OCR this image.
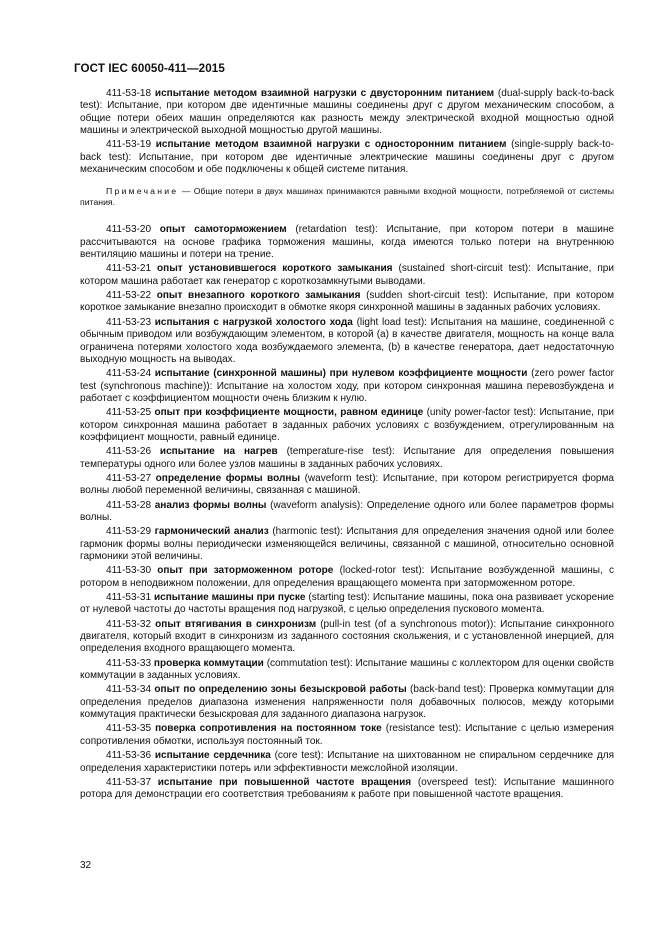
ГОСТ IEC 60050-411—2015

411-53-18 испытание методом взаимной нагрузки с двусторонним питанием (dual-supply back-to-back test): Испытание, при котором две идентичные машины соединены друг с другом механическим способом, а общие потери обеих машин определяются как разность между электрической входной мощностью одной машины и электрической выходной мощностью другой машины.

411-53-19 испытание методом взаимной нагрузки с односторонним питанием (single-supply back-to-back test): Испытание, при котором две идентичные электрические машины соединены друг с другом механическим способом и обе подключены к общей системе питания.

Примечание — Общие потери в двух машинах принимаются равными входной мощности, потребляемой от системы питания.

411-53-20 опыт самоторможением (retardation test): Испытание, при котором потери в машине рассчитываются на основе графика торможения машины, когда имеются только потери на внутреннюю вентиляцию машины и потери на трение.

411-53-21 опыт установившегося короткого замыкания (sustained short-circuit test): Испытание, при котором машина работает как генератор с короткозамкнутыми выводами.

411-53-22 опыт внезапного короткого замыкания (sudden short-circuit test): Испытание, при котором короткое замыкание внезапно происходит в обмотке якоря синхронной машины в заданных рабочих условиях.

411-53-23 испытания с нагрузкой холостого хода (light load test): Испытания на машине, соединенной с обычным приводом или возбуждающим элементом, в которой (а) в качестве двигателя, мощность на конце вала ограничена потерями холостого хода возбуждаемого элемента, (b) в качестве генератора, дает недостаточную выходную мощность на выводах.

411-53-24 испытание (синхронной машины) при нулевом коэффициенте мощности (zero power factor test (synchronous machine)): Испытание на холостом ходу, при котором синхронная машина перевозбуждена и работает с коэффициентом мощности очень близким к нулю.

411-53-25 опыт при коэффициенте мощности, равном единице (unity power-factor test): Испытание, при котором синхронная машина работает в заданных рабочих условиях с возбуждением, отрегулированным на коэффициент мощности, равный единице.

411-53-26 испытание на нагрев (temperature-rise test): Испытание для определения повышения температуры одного или более узлов машины в заданных рабочих условиях.

411-53-27 определение формы волны (waveform test): Испытание, при котором регистрируется форма волны любой переменной величины, связанная с машиной.

411-53-28 анализ формы волны (waveform analysis): Определение одного или более параметров формы волны.

411-53-29 гармонический анализ (harmonic test): Испытания для определения значения одной или более гармоник формы волны периодически изменяющейся величины, связанной с машиной, относительно основной гармоники этой величины.

411-53-30 опыт при заторможенном роторе (locked-rotor test): Испытание возбужденной машины, с ротором в неподвижном положении, для определения вращающего момента при заторможенном роторе.

411-53-31 испытание машины при пуске (starting test): Испытание машины, пока она развивает ускорение от нулевой частоты до частоты вращения под нагрузкой, с целью определения пускового момента.

411-53-32 опыт втягивания в синхронизм (pull-in test (of a synchronous motor)): Испытание синхронного двигателя, который входит в синхронизм из заданного состояния скольжения, и с установленной инерцией, для определения входного вращающего момента.

411-53-33 проверка коммутации (commutation test): Испытание машины с коллектором для оценки свойств коммутации в заданных условиях.

411-53-34 опыт по определению зоны безыскровой работы (back-band test): Проверка коммутации для определения пределов диапазона изменения напряженности поля добавочных полюсов, между которыми коммутация практически безыскровая для заданного диапазона нагрузок.

411-53-35 поверка сопротивления на постоянном токе (resistance test): Испытание с целью измерения сопротивления обмотки, используя постоянный ток.

411-53-36 испытание сердечника (core test): Испытание на шихтованном не спиральном сердечнике для определения характеристики потерь или эффективности межслойной изоляции.

411-53-37 испытание при повышенной частоте вращения (overspeed test): Испытание машинного ротора для демонстрации его соответствия требованиям к работе при повышенной частоте вращения.

32
